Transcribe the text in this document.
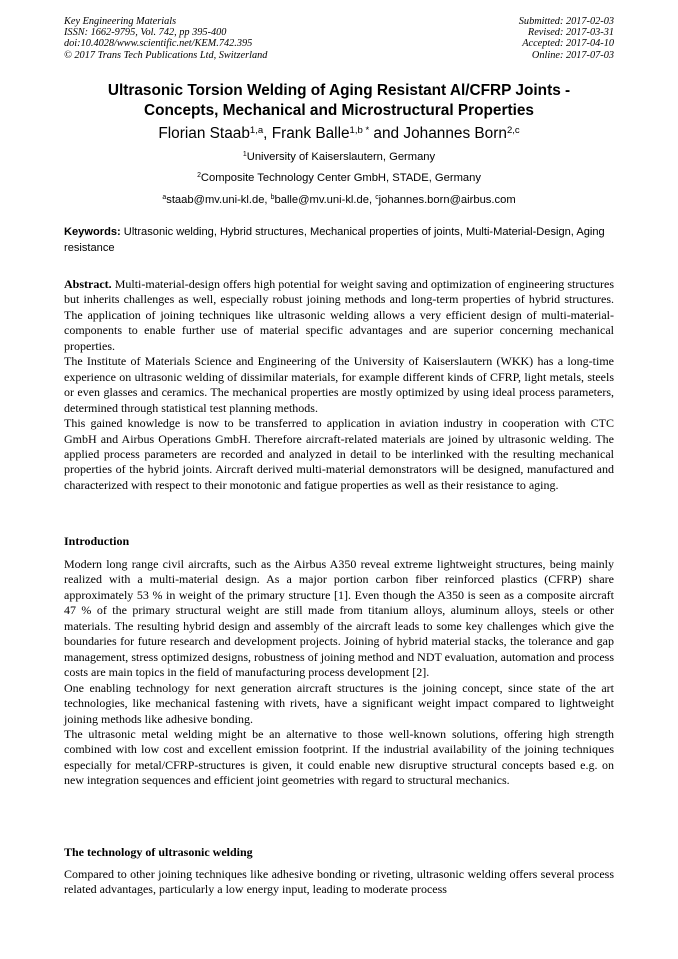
Key Engineering Materials
ISSN: 1662-9795, Vol. 742, pp 395-400
doi:10.4028/www.scientific.net/KEM.742.395
© 2017 Trans Tech Publications Ltd, Switzerland
Submitted: 2017-02-03
Revised: 2017-03-31
Accepted: 2017-04-10
Online: 2017-07-03
Ultrasonic Torsion Welding of Aging Resistant Al/CFRP Joints -
Concepts, Mechanical and Microstructural Properties
Florian Staab$^{1,a}$, Frank Balle$^{1,b *}$ and Johannes Born$^{2,c}$
$^1$University of Kaiserslautern, Germany
$^2$Composite Technology Center GmbH, STADE, Germany
$^a$staab@mv.uni-kl.de, $^b$balle@mv.uni-kl.de, $^c$johannes.born@airbus.com
Keywords: Ultrasonic welding, Hybrid structures, Mechanical properties of joints, Multi-Material-Design, Aging resistance

Abstract. Multi-material-design offers high potential for weight saving and optimization of engineering structures but inherits challenges as well, especially robust joining methods and long-term properties of hybrid structures. The application of joining techniques like ultrasonic welding allows a very efficient design of multi-material-components to enable further use of material specific advantages and are superior concerning mechanical properties.

The Institute of Materials Science and Engineering of the University of Kaiserslautern (WKK) has a long-time experience on ultrasonic welding of dissimilar materials, for example different kinds of CFRP, light metals, steels or even glasses and ceramics. The mechanical properties are mostly optimized by using ideal process parameters, determined through statistical test planning methods.

This gained knowledge is now to be transferred to application in aviation industry in cooperation with CTC GmbH and Airbus Operations GmbH. Therefore aircraft-related materials are joined by ultrasonic welding. The applied process parameters are recorded and analyzed in detail to be interlinked with the resulting mechanical properties of the hybrid joints. Aircraft derived multi-material demonstrators will be designed, manufactured and characterized with respect to their monotonic and fatigue properties as well as their resistance to aging.

Introduction

Modern long range civil aircrafts, such as the Airbus A350 reveal extreme lightweight structures, being mainly realized with a multi-material design. As a major portion carbon fiber reinforced plastics (CFRP) share approximately 53 % in weight of the primary structure [1]. Even though the A350 is seen as a composite aircraft 47 % of the primary structural weight are still made from titanium alloys, aluminum alloys, steels or other materials. The resulting hybrid design and assembly of the aircraft leads to some key challenges which give the boundaries for future research and development projects. Joining of hybrid material stacks, the tolerance and gap management, stress optimized designs, robustness of joining method and NDT evaluation, automation and process costs are main topics in the field of manufacturing process development [2].

One enabling technology for next generation aircraft structures is the joining concept, since state of the art technologies, like mechanical fastening with rivets, have a significant weight impact compared to lightweight joining methods like adhesive bonding.

The ultrasonic metal welding might be an alternative to those well-known solutions, offering high strength combined with low cost and excellent emission footprint. If the industrial availability of the joining techniques especially for metal/CFRP-structures is given, it could enable new disruptive structural concepts based e.g. on new integration sequences and efficient joint geometries with regard to structural mechanics.

The technology of ultrasonic welding

Compared to other joining techniques like adhesive bonding or riveting, ultrasonic welding offers several process related advantages, particularly a low energy input, leading to moderate process
